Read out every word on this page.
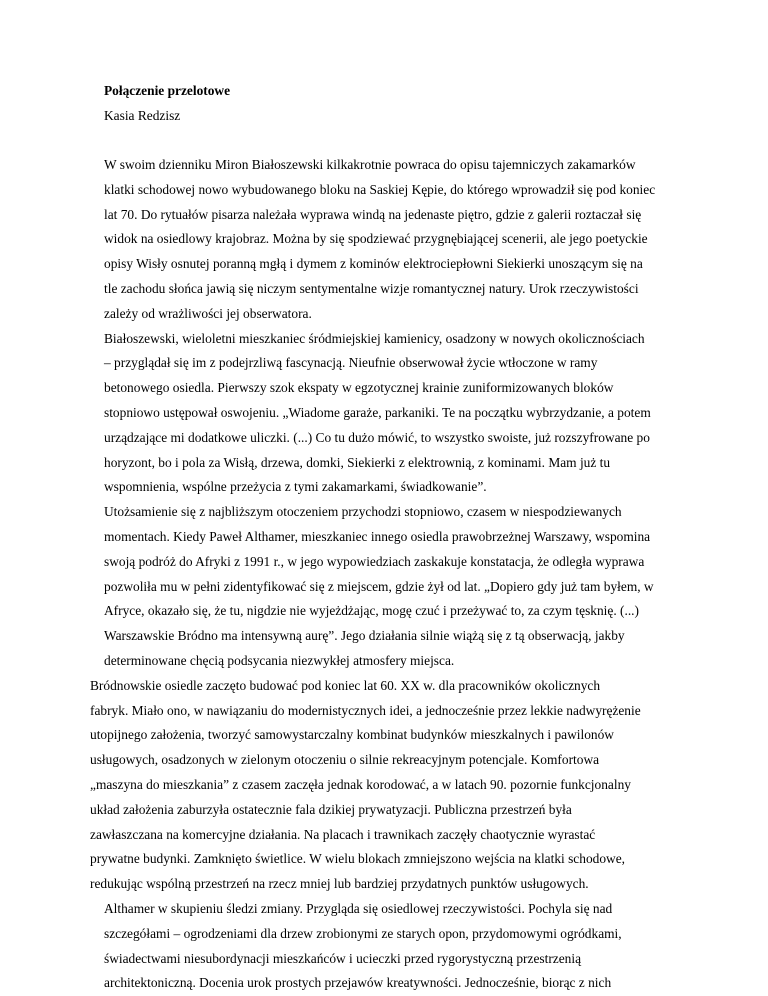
Połączenie przelotowe
Kasia Redzisz

W swoim dzienniku Miron Białoszewski kilkakrotnie powraca do opisu tajemniczych zakamarków
klatki schodowej nowo wybudowanego bloku na Saskiej Kępie, do którego wprowadził się pod koniec
lat 70. Do rytuałów pisarza należała wyprawa windą na jedenaste piętro, gdzie z galerii roztaczał się
widok na osiedlowy krajobraz. Można by się spodziewać przygnębiającej scenerii, ale jego poetyckie
opisy Wisły osnutej poranną mgłą i dymem z kominów elektrociepłowni Siekierki unoszącym się na
tle zachodu słońca jawią się niczym sentymentalne wizje romantycznej natury. Urok rzeczywistości
zależy od wrażliwości jej obserwatora.

Białoszewski, wieloletni mieszkaniec śródmiejskiej kamienicy, osadzony w nowych okolicznościach
– przyglądał się im z podejrzliwą fascynacją. Nieufnie obserwował życie wtłoczone w ramy
betonowego osiedla. Pierwszy szok ekspaty w egzotycznej krainie zuniformizowanych bloków
stopniowo ustępował oswojeniu. „Wiadome garaże, parkaniki. Te na początku wybrzydzanie, a potem
urządzające mi dodatkowe uliczki. (...) Co tu dużo mówić, to wszystko swoiste, już rozszyfrowane po
horyzont, bo i pola za Wisłą, drzewa, domki, Siekierki z elektrownią, z kominami. Mam już tu
wspomnienia, wspólne przeżycia z tymi zakamarkami, świadkowanie”.

Utożsamienie się z najbliższym otoczeniem przychodzi stopniowo, czasem w niespodziewanych
momentach. Kiedy Paweł Althamer, mieszkaniec innego osiedla prawobrzeżnej Warszawy, wspomina
swoją podróż do Afryki z 1991 r., w jego wypowiedziach zaskakuje konstatacja, że odległa wyprawa
pozwoliła mu w pełni zidentyfikować się z miejscem, gdzie żył od lat. „Dopiero gdy już tam byłem, w
Afryce, okazało się, że tu, nigdzie nie wyjeżdżając, mogę czuć i przeżywać to, za czym tęsknię. (...)
Warszawskie Bródno ma intensywną aurę”. Jego działania silnie wiążą się z tą obserwacją, jakby
determinowane chęcią podsycania niezwykłej atmosfery miejsca.

Bródnowskie osiedle zaczęto budować pod koniec lat 60. XX w. dla pracowników okolicznych
fabryk. Miało ono, w nawiązaniu do modernistycznych idei, a jednocześnie przez lekkie nadwyrężenie
utopijnego założenia, tworzyć samowystarczalny kombinat budynków mieszkalnych i pawilonów
usługowych, osadzonych w zielonym otoczeniu o silnie rekreacyjnym potencjale. Komfortowa
„maszyna do mieszkania” z czasem zaczęła jednak korodować, a w latach 90. pozornie funkcjonalny
układ założenia zaburzyła ostatecznie fala dzikiej prywatyzacji. Publiczna przestrzeń była
zawłaszczana na komercyjne działania. Na placach i trawnikach zaczęły chaotycznie wyrastać
prywatne budynki. Zamknięto świetlice. W wielu blokach zmniejszono wejścia na klatki schodowe,
redukując wspólną przestrzeń na rzecz mniej lub bardziej przydatnych punktów usługowych.

Althamer w skupieniu śledzi zmiany. Przygląda się osiedlowej rzeczywistości. Pochyla się nad
szczegółami – ogrodzeniami dla drzew zrobionymi ze starych opon, przydomowymi ogródkami,
świadectwami niesubordynacji mieszkańców i ucieczki przed rygorystyczną przestrzenią
architektoniczną. Docenia urok prostych przejawów kreatywności. Jednocześnie, biorąc z nich
